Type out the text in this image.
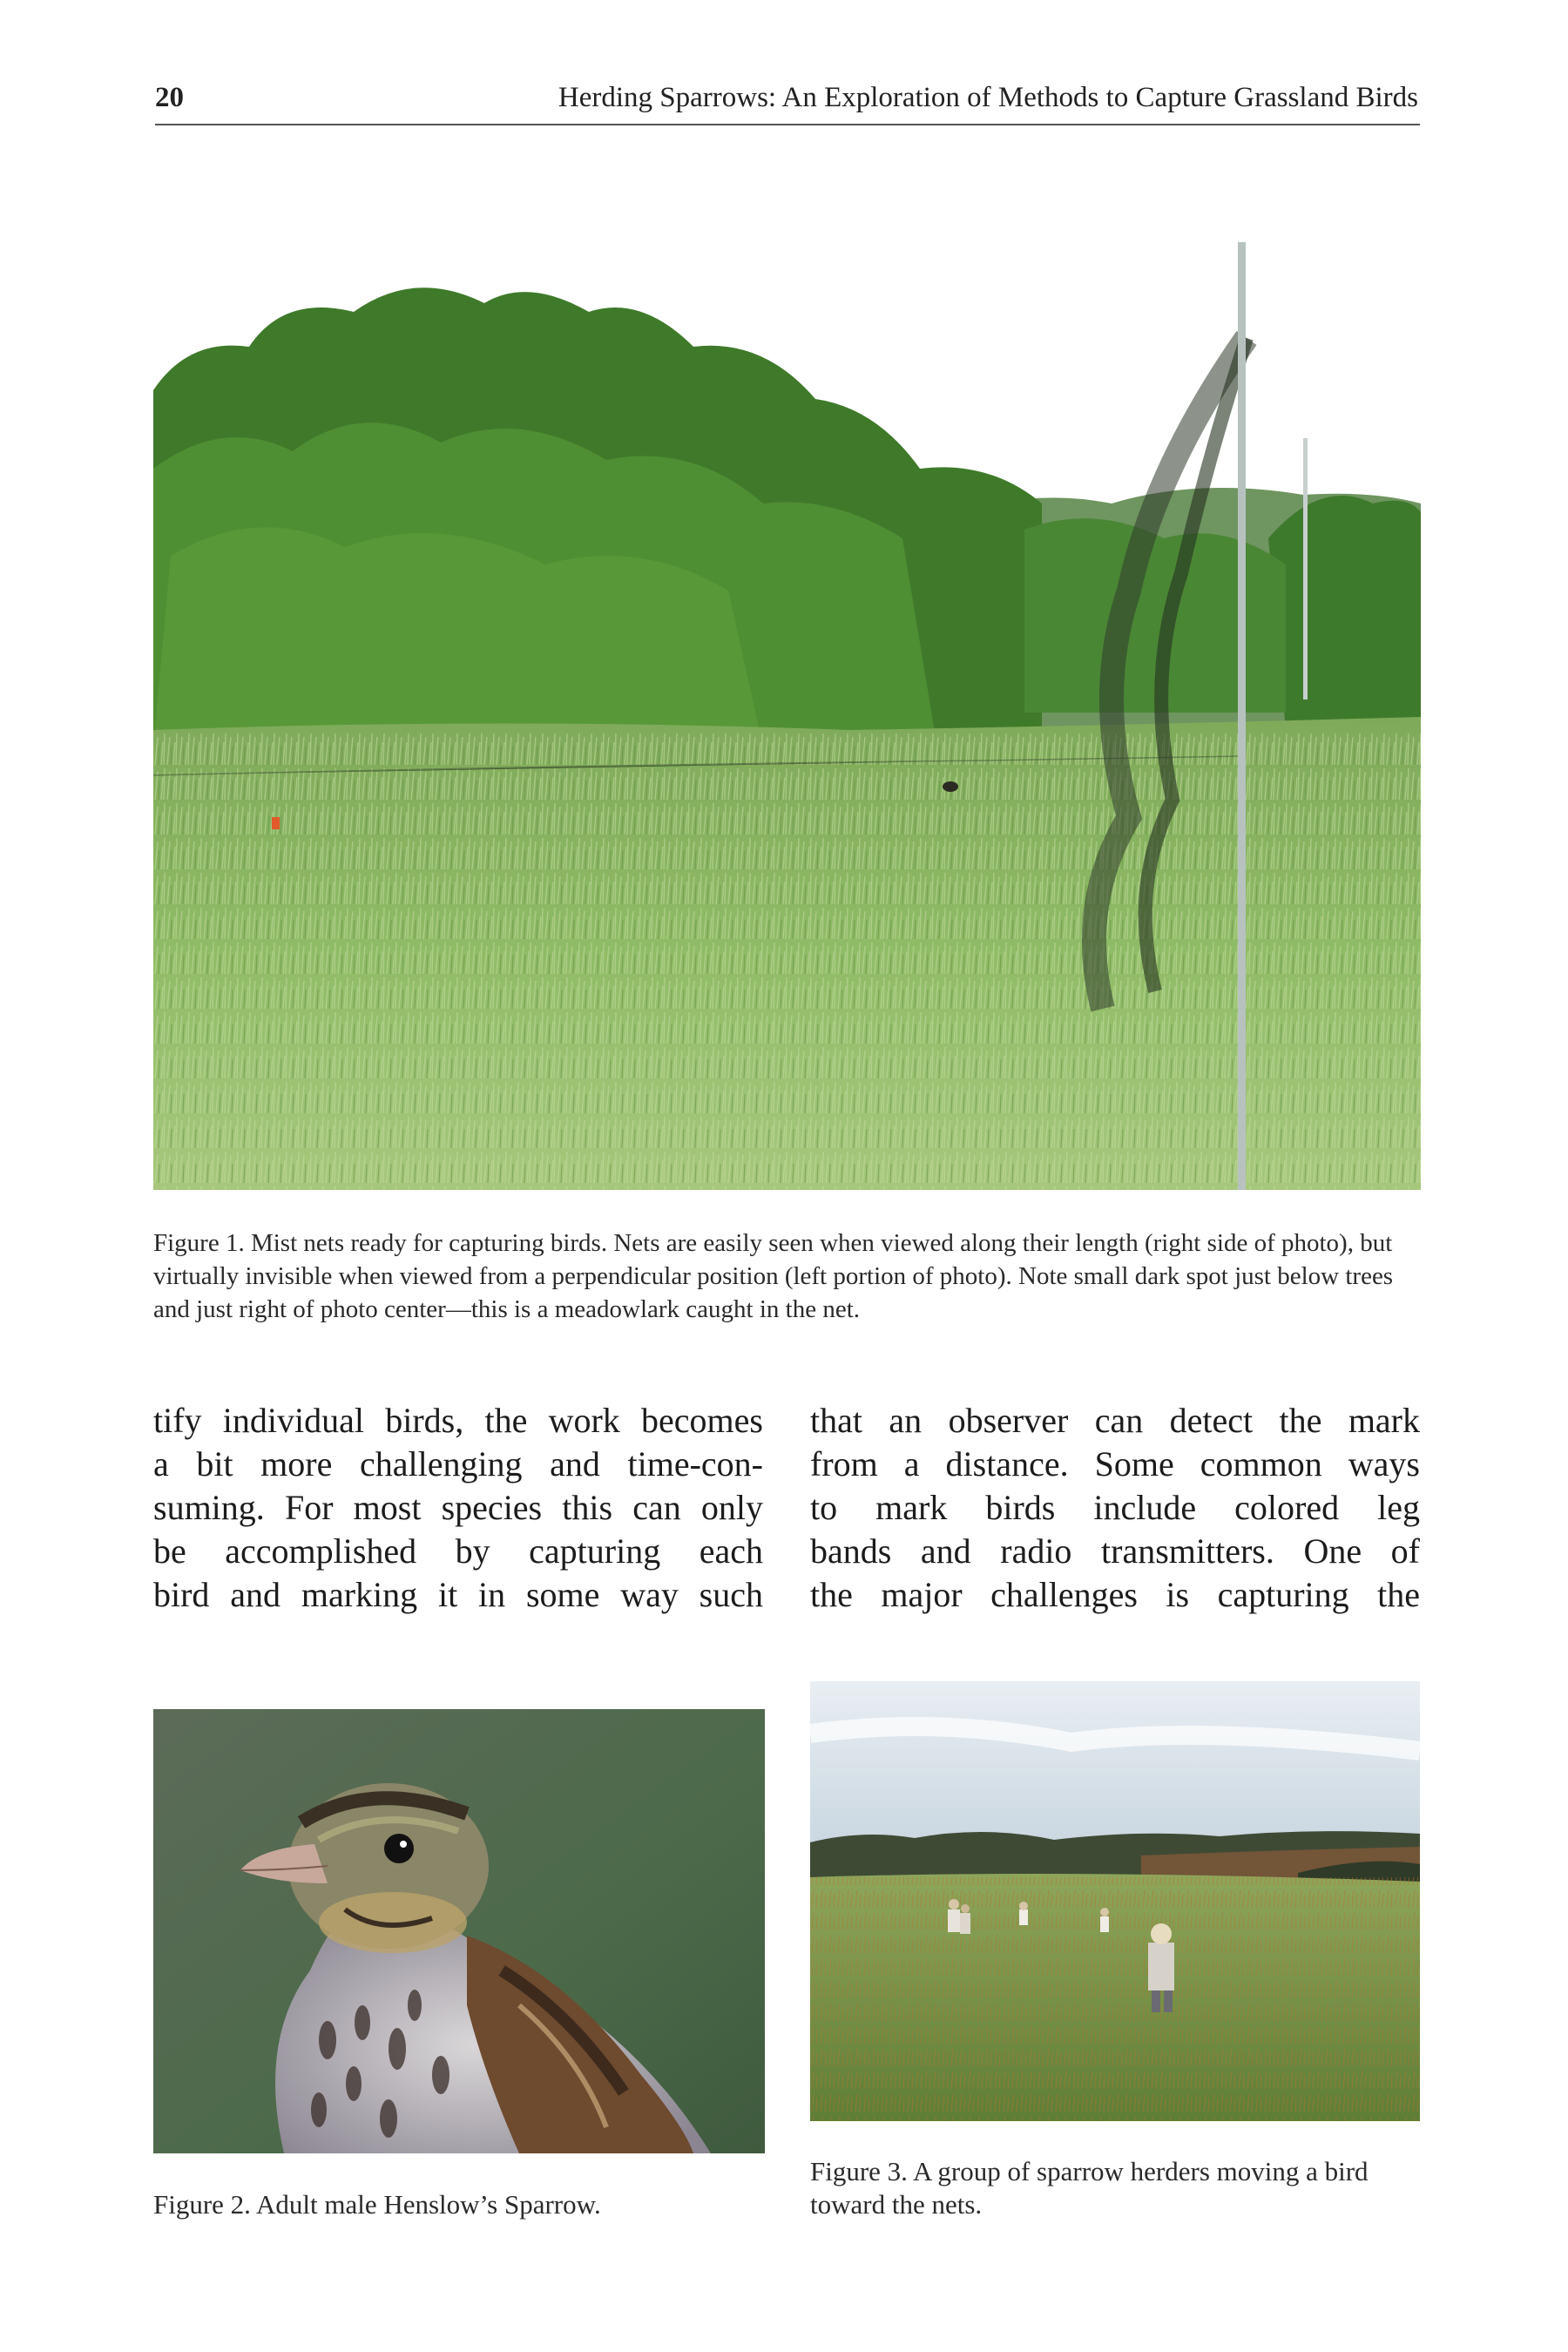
20	Herding Sparrows: An Exploration of Methods to Capture Grassland Birds
Figure 1. Mist nets ready for capturing birds. Nets are easily seen when viewed along their length (right side of photo), but virtually invisible when viewed from a perpendicular position (left portion of photo). Note small dark spot just below trees and just right of photo center—this is a meadowlark caught in the net.
tify individual birds, the work becomes
a bit more challenging and time-con-
suming. For most species this can only
be accomplished by capturing each
bird and marking it in some way such
that an observer can detect the mark
from a distance. Some common ways
to mark birds include colored leg
bands and radio transmitters. One of
the major challenges is capturing the
Figure 2. Adult male Henslow’s Sparrow.
Figure 3. A group of sparrow herders moving a bird toward the nets.
